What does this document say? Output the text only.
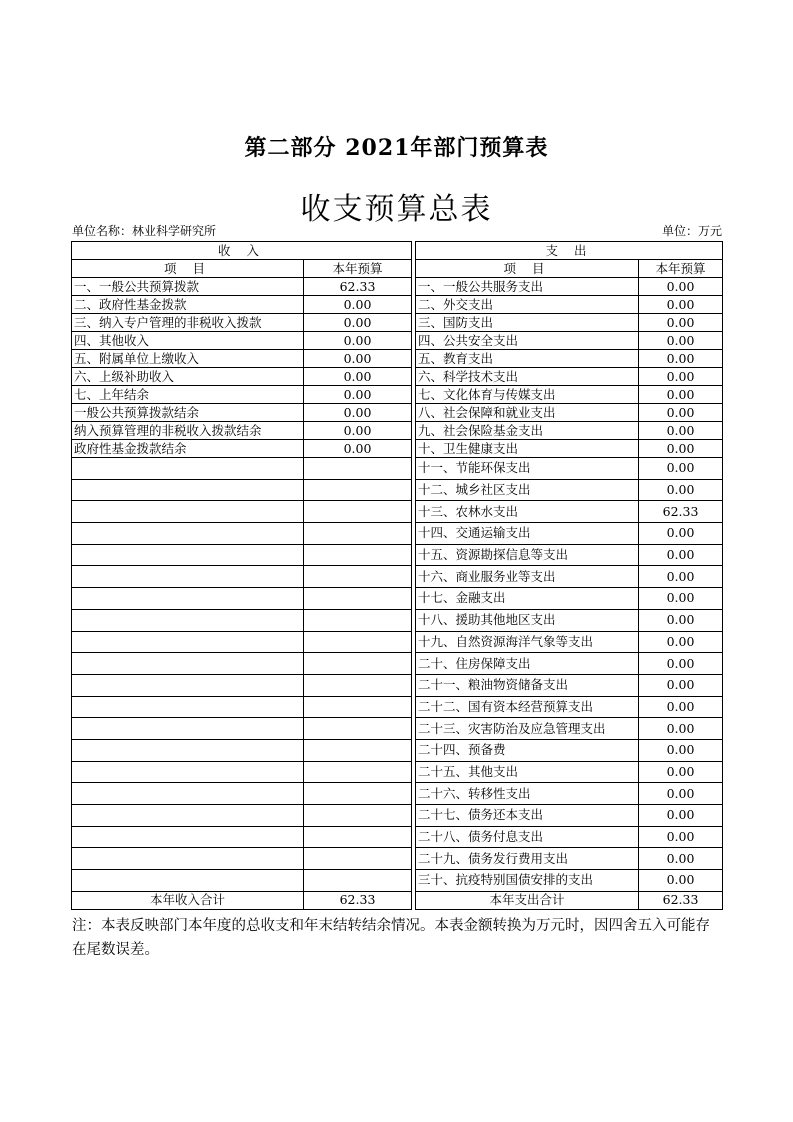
第二部分 2021年部门预算表
收支预算总表
单位名称：林业科学研究所	单位：万元
收 入			支 出	
项 目	本年预算		项 目	本年预算
一、一般公共预算拨款	62.33		一、一般公共服务支出	0.00
二、政府性基金拨款	0.00		二、外交支出	0.00
三、纳入专户管理的非税收入拨款	0.00		三、国防支出	0.00
四、其他收入	0.00		四、公共安全支出	0.00
五、附属单位上缴收入	0.00		五、教育支出	0.00
六、上级补助收入	0.00		六、科学技术支出	0.00
七、上年结余	0.00		七、文化体育与传媒支出	0.00
一般公共预算拨款结余	0.00		八、社会保障和就业支出	0.00
纳入预算管理的非税收入拨款结余	0.00		九、社会保险基金支出	0.00
政府性基金拨款结余	0.00		十、卫生健康支出	0.00
			十一、节能环保支出	0.00
			十二、城乡社区支出	0.00
			十三、农林水支出	62.33
			十四、交通运输支出	0.00
			十五、资源勘探信息等支出	0.00
			十六、商业服务业等支出	0.00
			十七、金融支出	0.00
			十八、援助其他地区支出	0.00
			十九、自然资源海洋气象等支出	0.00
			二十、住房保障支出	0.00
			二十一、粮油物资储备支出	0.00
			二十二、国有资本经营预算支出	0.00
			二十三、灾害防治及应急管理支出	0.00
			二十四、预备费	0.00
			二十五、其他支出	0.00
			二十六、转移性支出	0.00
			二十七、债务还本支出	0.00
			二十八、债务付息支出	0.00
			二十九、债务发行费用支出	0.00
			三十、抗疫特别国债安排的支出	0.00
本年收入合计	62.33		本年支出合计	62.33
注：本表反映部门本年度的总收支和年末结转结余情况。本表金额转换为万元时，因四舍五入可能存在尾数误差。
